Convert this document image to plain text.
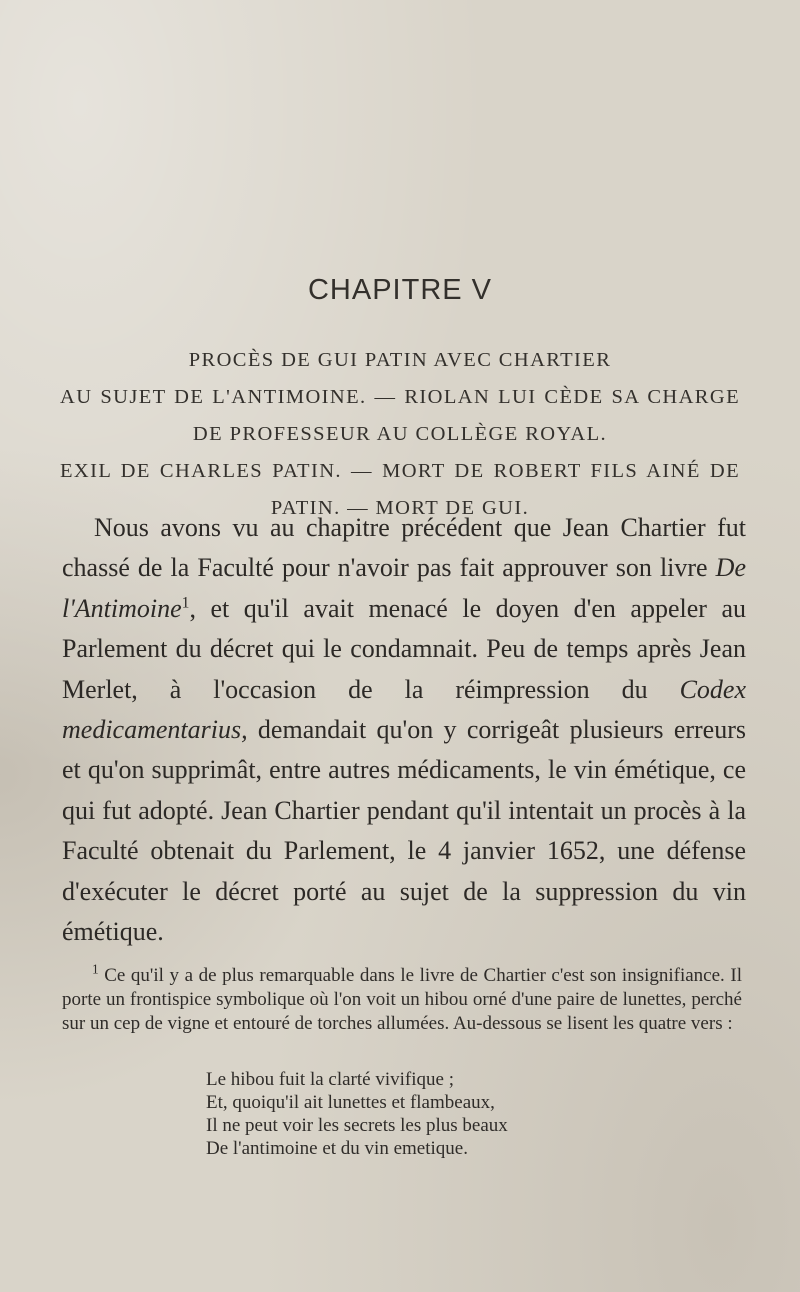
CHAPITRE V
PROCÈS DE GUI PATIN AVEC CHARTIER
AU SUJET DE L'ANTIMOINE. — RIOLAN LUI CÈDE SA CHARGE
DE PROFESSEUR AU COLLÈGE ROYAL.
EXIL DE CHARLES PATIN. — MORT DE ROBERT FILS AINÉ DE
PATIN. — MORT DE GUI.

Nous avons vu au chapitre précédent que Jean Chartier fut chassé de la Faculté pour n'avoir pas fait approuver son livre De l'Antimoine$^1$, et qu'il avait menacé le doyen d'en appeler au Parlement du décret qui le condamnait. Peu de temps après Jean Merlet, à l'occasion de la réimpression du Codex medicamentarius, demandait qu'on y corrigeât plusieurs erreurs et qu'on supprimât, entre autres médicaments, le vin émétique, ce qui fut adopté. Jean Chartier pendant qu'il intentait un procès à la Faculté obtenait du Parlement, le 4 janvier 1652, une défense d'exécuter le décret porté au sujet de la suppression du vin émétique.

$^1$ Ce qu'il y a de plus remarquable dans le livre de Chartier c'est son insignifiance. Il porte un frontispice symbolique où l'on voit un hibou orné d'une paire de lunettes, perché sur un cep de vigne et entouré de torches allumées. Au-dessous se lisent les quatre vers :

Le hibou fuit la clarté vivifique ;
Et, quoiqu'il ait lunettes et flambeaux,
Il ne peut voir les secrets les plus beaux
De l'antimoine et du vin emetique.
